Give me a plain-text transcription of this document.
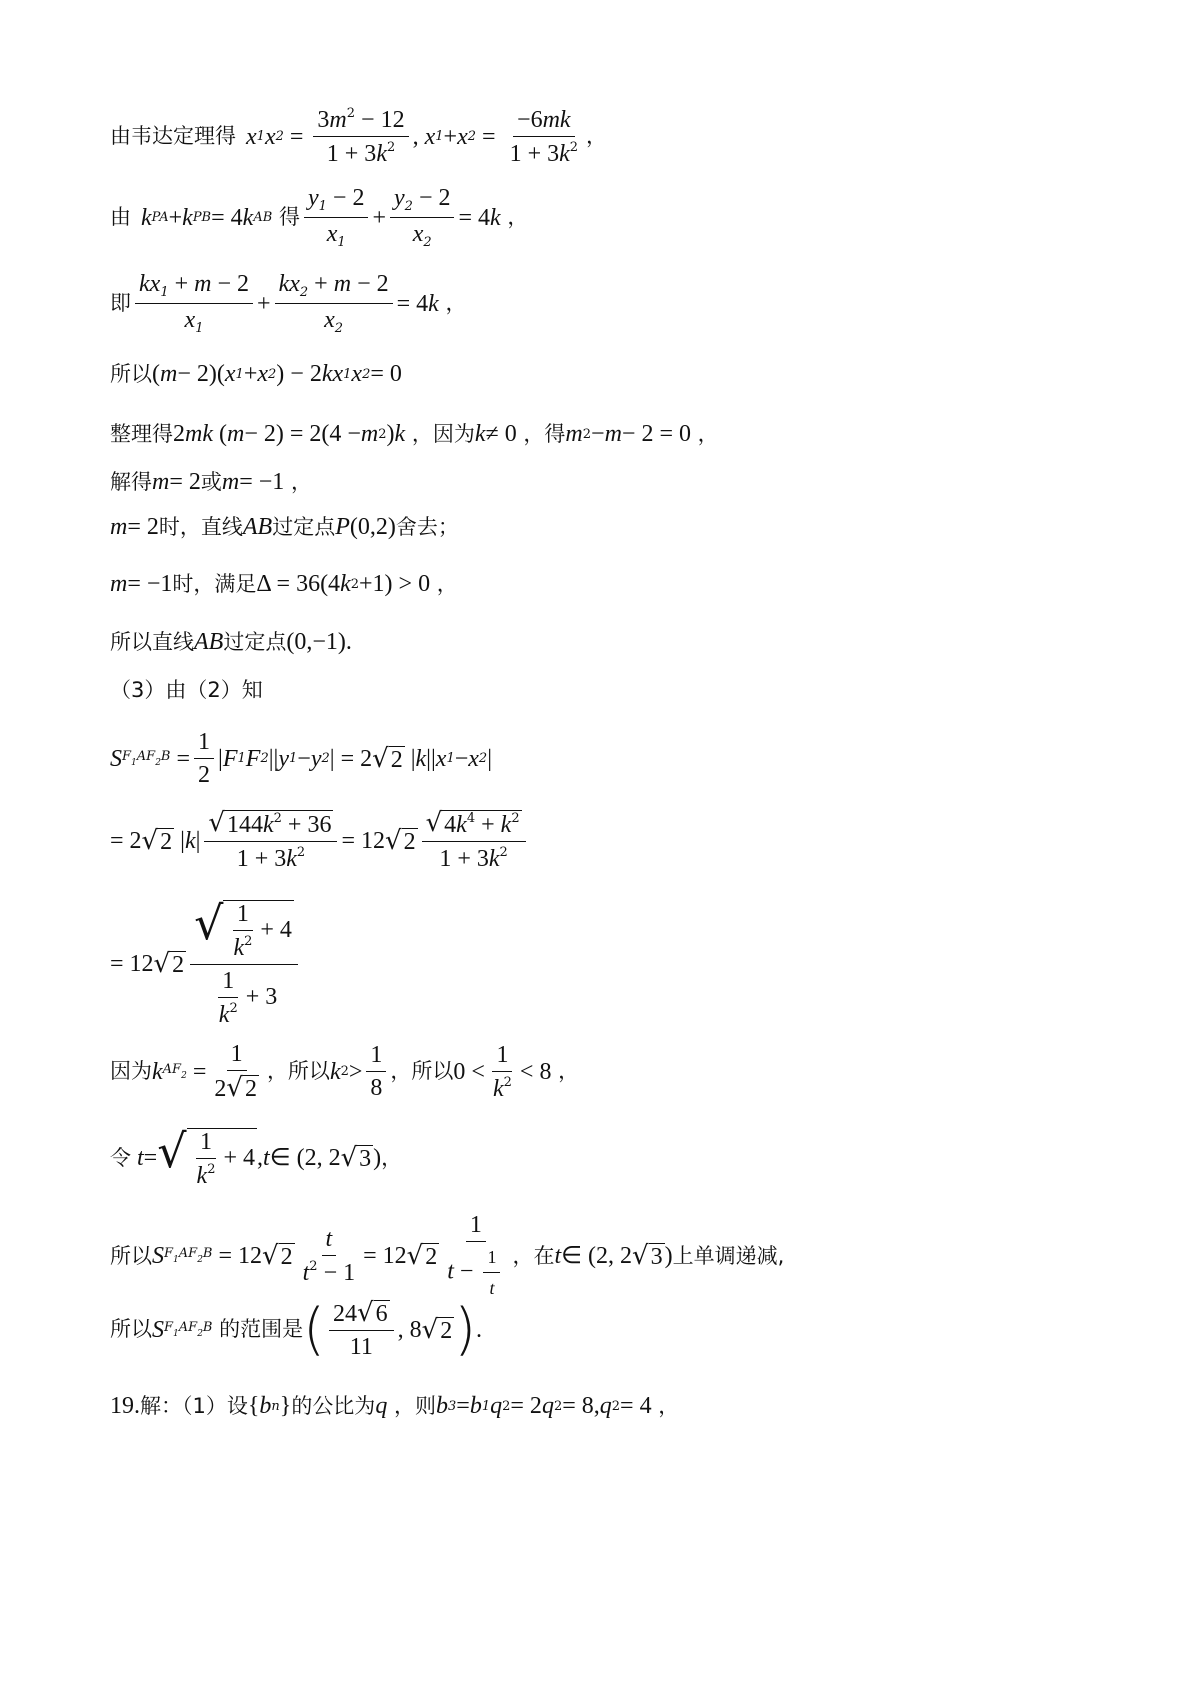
由韦达定理得 x 1 x $2 = \frac{3m^2 - 12}{1 + 3k^2}$ , x 1 + x $2 = \frac{-6mk}{1 + 3k^2}$ ，
由 k PA + k PB = 4 k AB 得 $\frac{y_1 - 2}{x_1} + \frac{y_2 - 2}{x_2} = 4$ k ，
即 $\frac{kx_1 + m - 2}{x_1} + \frac{kx_2 + m - 2}{x_2} = 4$ k ，
所以 ( m − 2)( x 1 + x 2 ) − 2 kx 1 x 2 = 0
整理得 2 mk ( m − 2) = 2(4 − m 2 ) k ，因为 k ≠ 0 ，得 m 2 − m − 2 = 0 ，
解得 m = 2 或 m = −1 ，
m = 2 时，直线 AB 过定点 P (0,2) 舍去；
m = −1 时，满足 Δ = 36(4 k 2 +1) > 0 ，
所以直线 AB 过定点 (0,−1).
（3）由（2）知
S $F_1AF_2B = \frac{1}{2}$ | F 1 F 2 || y 1 − y 2 | = 2 √ 2 | k || x 1 − x 2 |
= 2 √ 2 | k | $\frac{√ 144k^2 + 36}{1 + 3k^2} = 12$ √ $2 \frac{√ 4k^4 + k^2}{1 + 3k^2}$
= 12 √ $2 \frac{√ \frac{1}{k^2} + 4}{\frac{1}{k^2} + 3}$
因为 k $AF_2 = \frac{1}{2 √ 2}$ ，所以 k $2 > \frac{1}{8}$ ，所以 $0 < \frac{1}{k^2} < 8$ ，
令 t = √ $\frac{1}{k^2} + 4$ , t ∈ (2, 2 √ 3 ) ，
所以 S $F_1AF_2B = 12$ √ $2 \frac{t}{t^2 - 1} = 12$ √ $2 \frac{1}{t - \frac{1}{t}}$ ，在 t ∈ (2, 2 √ 3 ) 上单调递减,
所以 S $F_1AF_2B$ 的范围是 ( $\frac{24 √ 6}{11}$ , 8 √ 2 ) .
19. 解：（1）设 { b n } 的公比为 q ，则 b 3 = b 1 q 2 = 2 q 2 = 8, q 2 = 4 ，
